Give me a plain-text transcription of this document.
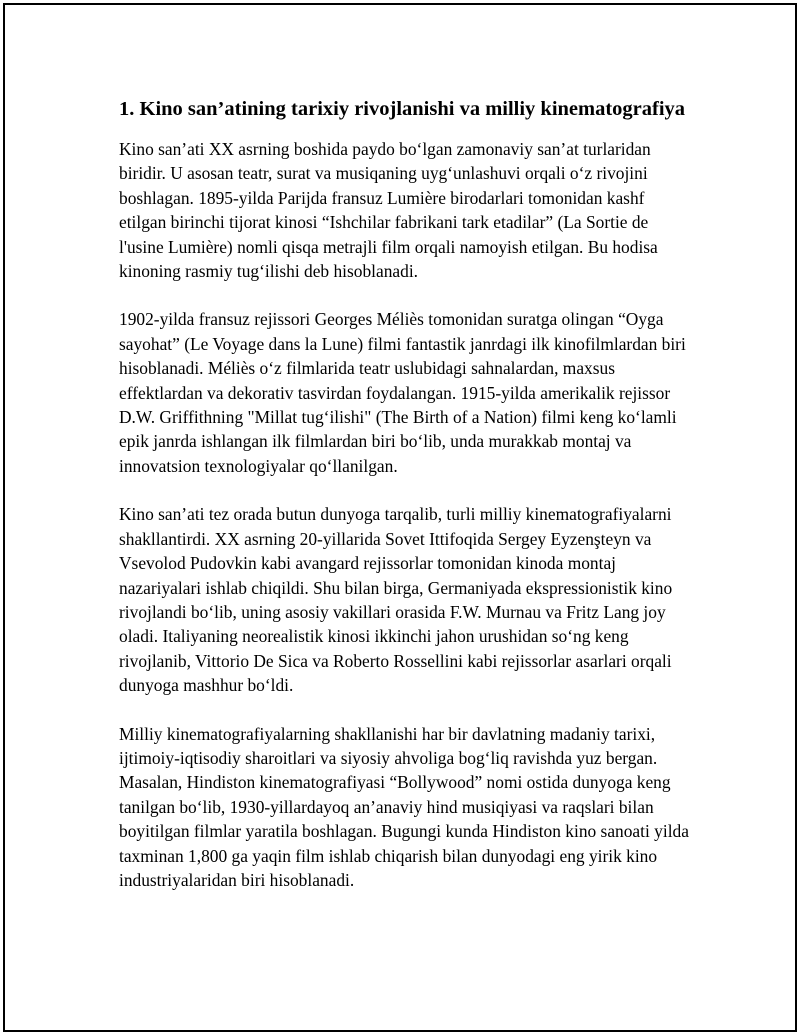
1. Kino san’atining tarixiy rivojlanishi va milliy kinematografiya

Kino san’ati XX asrning boshida paydo bo‘lgan zamonaviy san’at turlaridan biridir. U asosan teatr, surat va musiqaning uyg‘unlashuvi orqali o‘z rivojini boshlagan. 1895-yilda Parijda fransuz Lumière birodarlari tomonidan kashf etilgan birinchi tijorat kinosi “Ishchilar fabrikani tark etadilar” (La Sortie de l'usine Lumière) nomli qisqa metrajli film orqali namoyish etilgan. Bu hodisa kinoning rasmiy tug‘ilishi deb hisoblanadi.

1902-yilda fransuz rejissori Georges Méliès tomonidan suratga olingan “Oyga sayohat” (Le Voyage dans la Lune) filmi fantastik janrdagi ilk kinofilmlardan biri hisoblanadi. Méliès o‘z filmlarida teatr uslubidagi sahnalardan, maxsus effektlardan va dekorativ tasvirdan foydalangan. 1915-yilda amerikalik rejissor D.W. Griffithning "Millat tug‘ilishi" (The Birth of a Nation) filmi keng ko‘lamli epik janrda ishlangan ilk filmlardan biri bo‘lib, unda murakkab montaj va innovatsion texnologiyalar qo‘llanilgan.

Kino san’ati tez orada butun dunyoga tarqalib, turli milliy kinematografiyalarni shakllantirdi. XX asrning 20-yillarida Sovet Ittifoqida Sergey Eyzenşteyn va Vsevolod Pudovkin kabi avangard rejissorlar tomonidan kinoda montaj nazariyalari ishlab chiqildi. Shu bilan birga, Germaniyada ekspressionistik kino rivojlandi bo‘lib, uning asosiy vakillari orasida F.W. Murnau va Fritz Lang joy oladi. Italiyaning neorealistik kinosi ikkinchi jahon urushidan so‘ng keng rivojlanib, Vittorio De Sica va Roberto Rossellini kabi rejissorlar asarlari orqali dunyoga mashhur bo‘ldi.

Milliy kinematografiyalarning shakllanishi har bir davlatning madaniy tarixi, ijtimoiy-iqtisodiy sharoitlari va siyosiy ahvoliga bog‘liq ravishda yuz bergan. Masalan, Hindiston kinematografiyasi “Bollywood” nomi ostida dunyoga keng tanilgan bo‘lib, 1930-yillardayoq an’anaviy hind musiqiyasi va raqslari bilan boyitilgan filmlar yaratila boshlagan. Bugungi kunda Hindiston kino sanoati yilda taxminan 1,800 ga yaqin film ishlab chiqarish bilan dunyodagi eng yirik kino industriyalaridan biri hisoblanadi.
